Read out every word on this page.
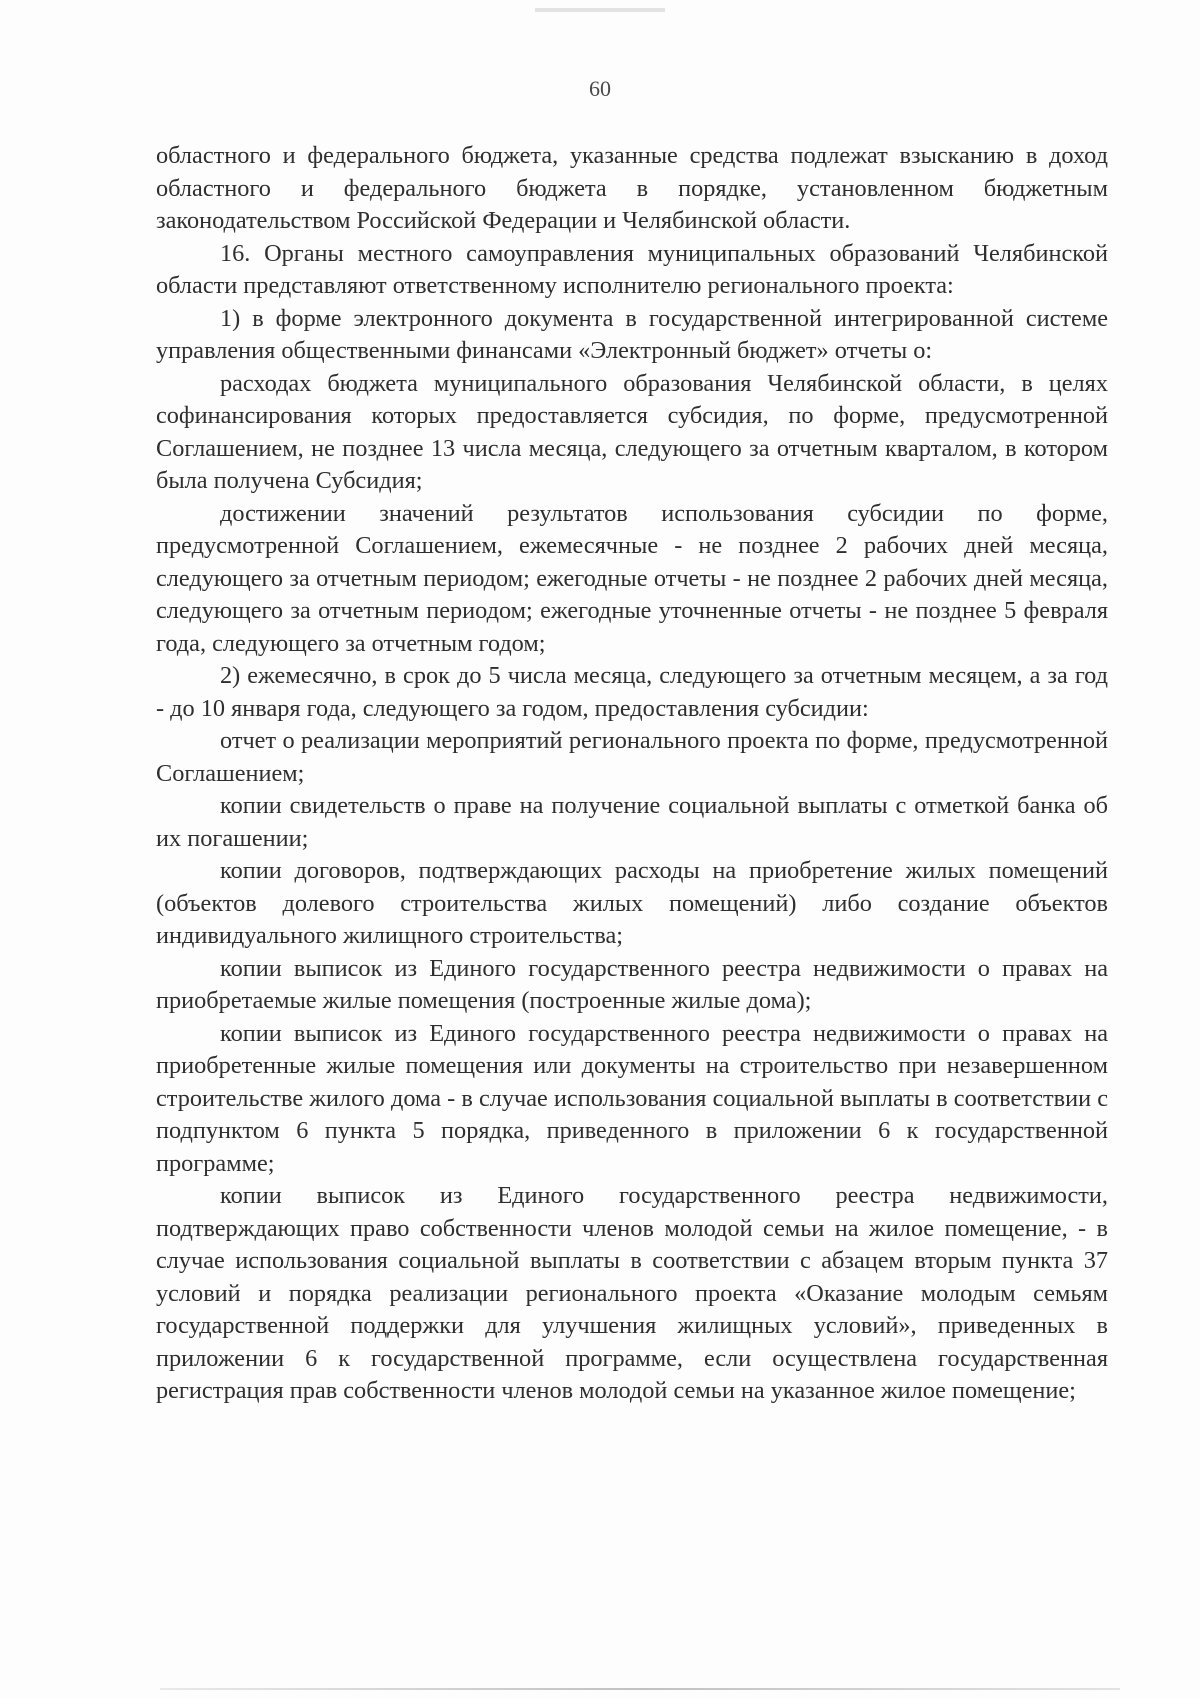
60

областного и федерального бюджета, указанные средства подлежат взысканию в доход областного и федерального бюджета в порядке, установленном бюджетным законодательством Российской Федерации и Челябинской области.

16. Органы местного самоуправления муниципальных образований Челябинской области представляют ответственному исполнителю регионального проекта:

1) в форме электронного документа в государственной интегрированной системе управления общественными финансами «Электронный бюджет» отчеты о:

расходах бюджета муниципального образования Челябинской области, в целях софинансирования которых предоставляется субсидия, по форме, предусмотренной Соглашением, не позднее 13 числа месяца, следующего за отчетным кварталом, в котором была получена Субсидия;

достижении значений результатов использования субсидии по форме, предусмотренной Соглашением, ежемесячные - не позднее 2 рабочих дней месяца, следующего за отчетным периодом; ежегодные отчеты - не позднее 2 рабочих дней месяца, следующего за отчетным периодом; ежегодные уточненные отчеты - не позднее 5 февраля года, следующего за отчетным годом;

2) ежемесячно, в срок до 5 числа месяца, следующего за отчетным месяцем, а за год - до 10 января года, следующего за годом, предоставления субсидии:

отчет о реализации мероприятий регионального проекта по форме, предусмотренной Соглашением;

копии свидетельств о праве на получение социальной выплаты с отметкой банка об их погашении;

копии договоров, подтверждающих расходы на приобретение жилых помещений (объектов долевого строительства жилых помещений) либо создание объектов индивидуального жилищного строительства;

копии выписок из Единого государственного реестра недвижимости о правах на приобретаемые жилые помещения (построенные жилые дома);

копии выписок из Единого государственного реестра недвижимости о правах на приобретенные жилые помещения или документы на строительство при незавершенном строительстве жилого дома - в случае использования социальной выплаты в соответствии с подпунктом 6 пункта 5 порядка, приведенного в приложении 6 к государственной программе;

копии выписок из Единого государственного реестра недвижимости, подтверждающих право собственности членов молодой семьи на жилое помещение, - в случае использования социальной выплаты в соответствии с абзацем вторым пункта 37 условий и порядка реализации регионального проекта «Оказание молодым семьям государственной поддержки для улучшения жилищных условий», приведенных в приложении 6 к государственной программе, если осуществлена государственная регистрация прав собственности членов молодой семьи на указанное жилое помещение;
